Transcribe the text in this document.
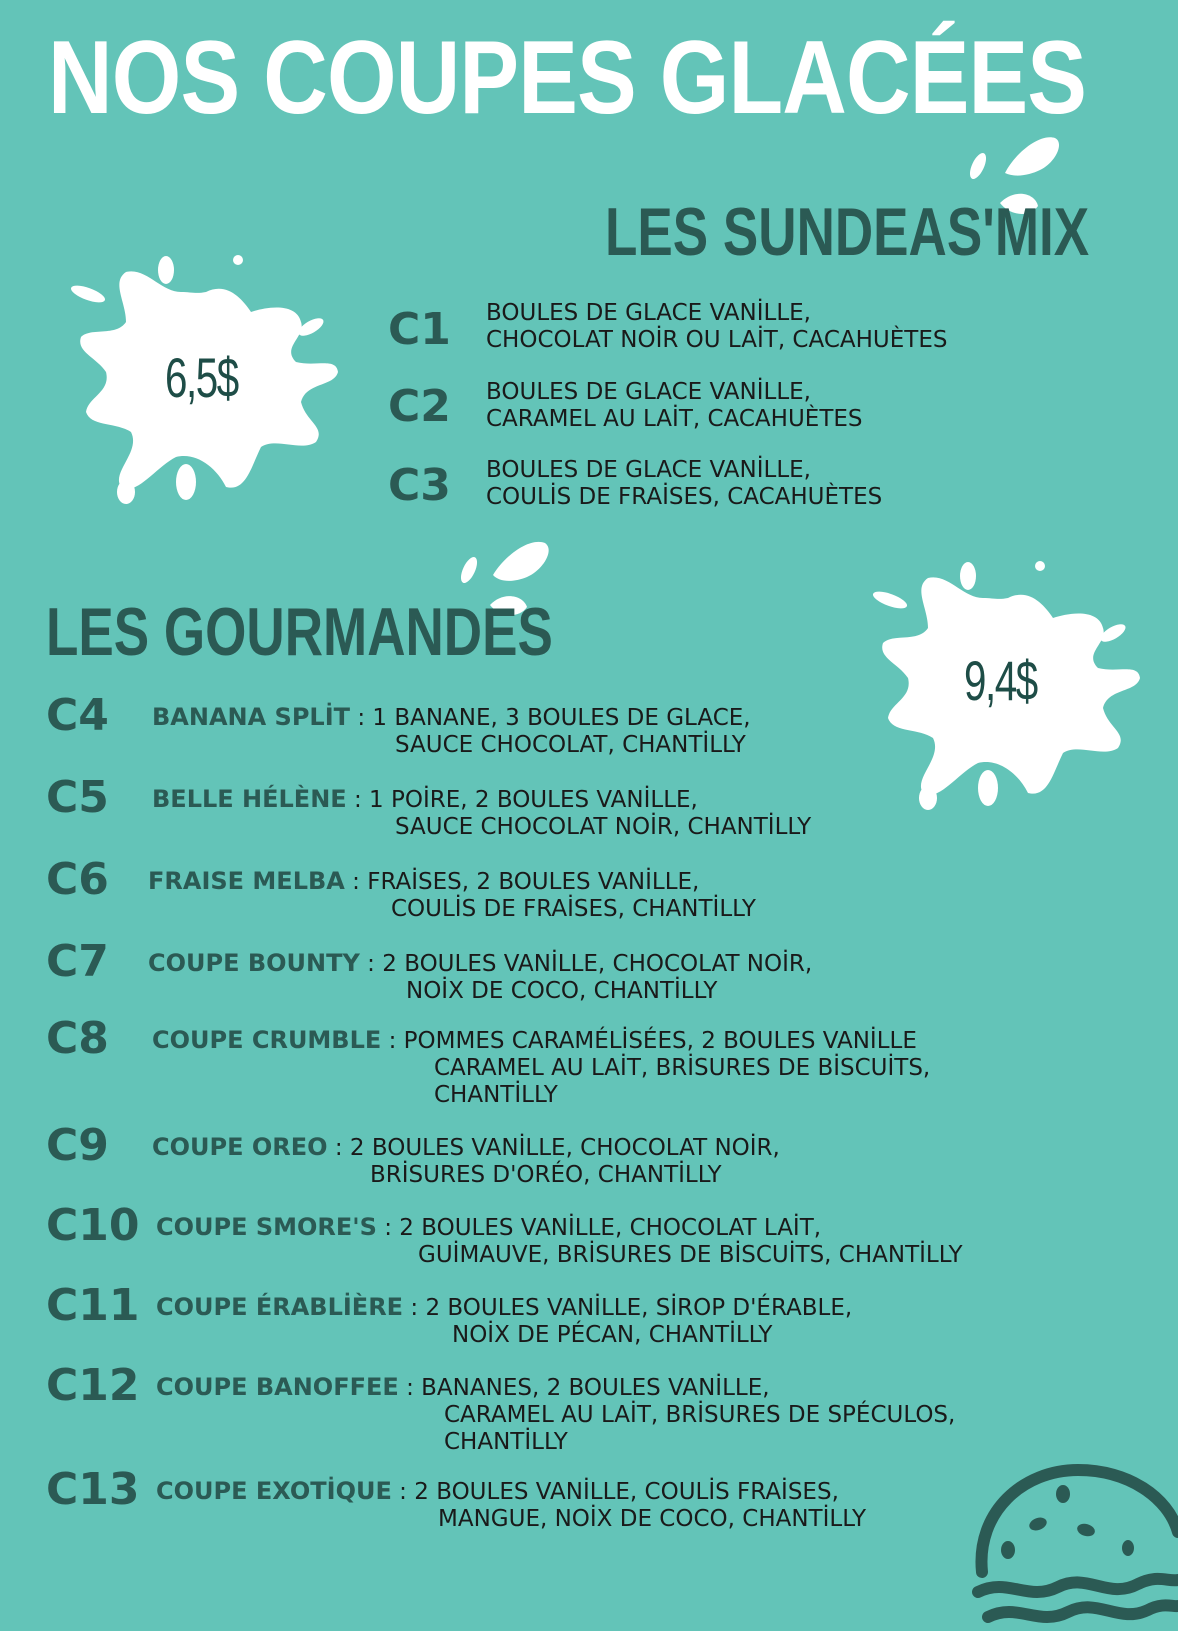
NOS COUPES GLACÉES
LES SUNDEAS'MIX
6,5$
C1 BOULES DE GLACE VANİLLE,
CHOCOLAT NOİR OU LAİT, CACAHUÈTES
C2 BOULES DE GLACE VANİLLE,
CARAMEL AU LAİT, CACAHUÈTES
C3 BOULES DE GLACE VANİLLE,
COULİS DE FRAİSES, CACAHUÈTES
LES GOURMANDES
9,4$
C4 BANANA SPLİT : 1 BANANE, 3 BOULES DE GLACE,
SAUCE CHOCOLAT, CHANTİLLY
C5 BELLE HÉLÈNE : 1 POİRE, 2 BOULES VANİLLE,
SAUCE CHOCOLAT NOİR, CHANTİLLY
C6 FRAISE MELBA : FRAİSES, 2 BOULES VANİLLE,
COULİS DE FRAİSES, CHANTİLLY
C7 COUPE BOUNTY : 2 BOULES VANİLLE, CHOCOLAT NOİR,
NOİX DE COCO, CHANTİLLY
C8 COUPE CRUMBLE : POMMES CARAMÉLİSÉES, 2 BOULES VANİLLE
CARAMEL AU LAİT, BRİSURES DE BİSCUİTS,
CHANTİLLY
C9 COUPE OREO : 2 BOULES VANİLLE, CHOCOLAT NOİR,
BRİSURES D'ORÉO, CHANTİLLY
C10 COUPE SMORE'S : 2 BOULES VANİLLE, CHOCOLAT LAİT,
GUİMAUVE, BRİSURES DE BİSCUİTS, CHANTİLLY
C11 COUPE ÉRABLİÈRE : 2 BOULES VANİLLE, SİROP D'ÉRABLE,
NOİX DE PÉCAN, CHANTİLLY
C12 COUPE BANOFFEE : BANANES, 2 BOULES VANİLLE,
CARAMEL AU LAİT, BRİSURES DE SPÉCULOS,
CHANTİLLY
C13 COUPE EXOTİQUE : 2 BOULES VANİLLE, COULİS FRAİSES,
MANGUE, NOİX DE COCO, CHANTİLLY
